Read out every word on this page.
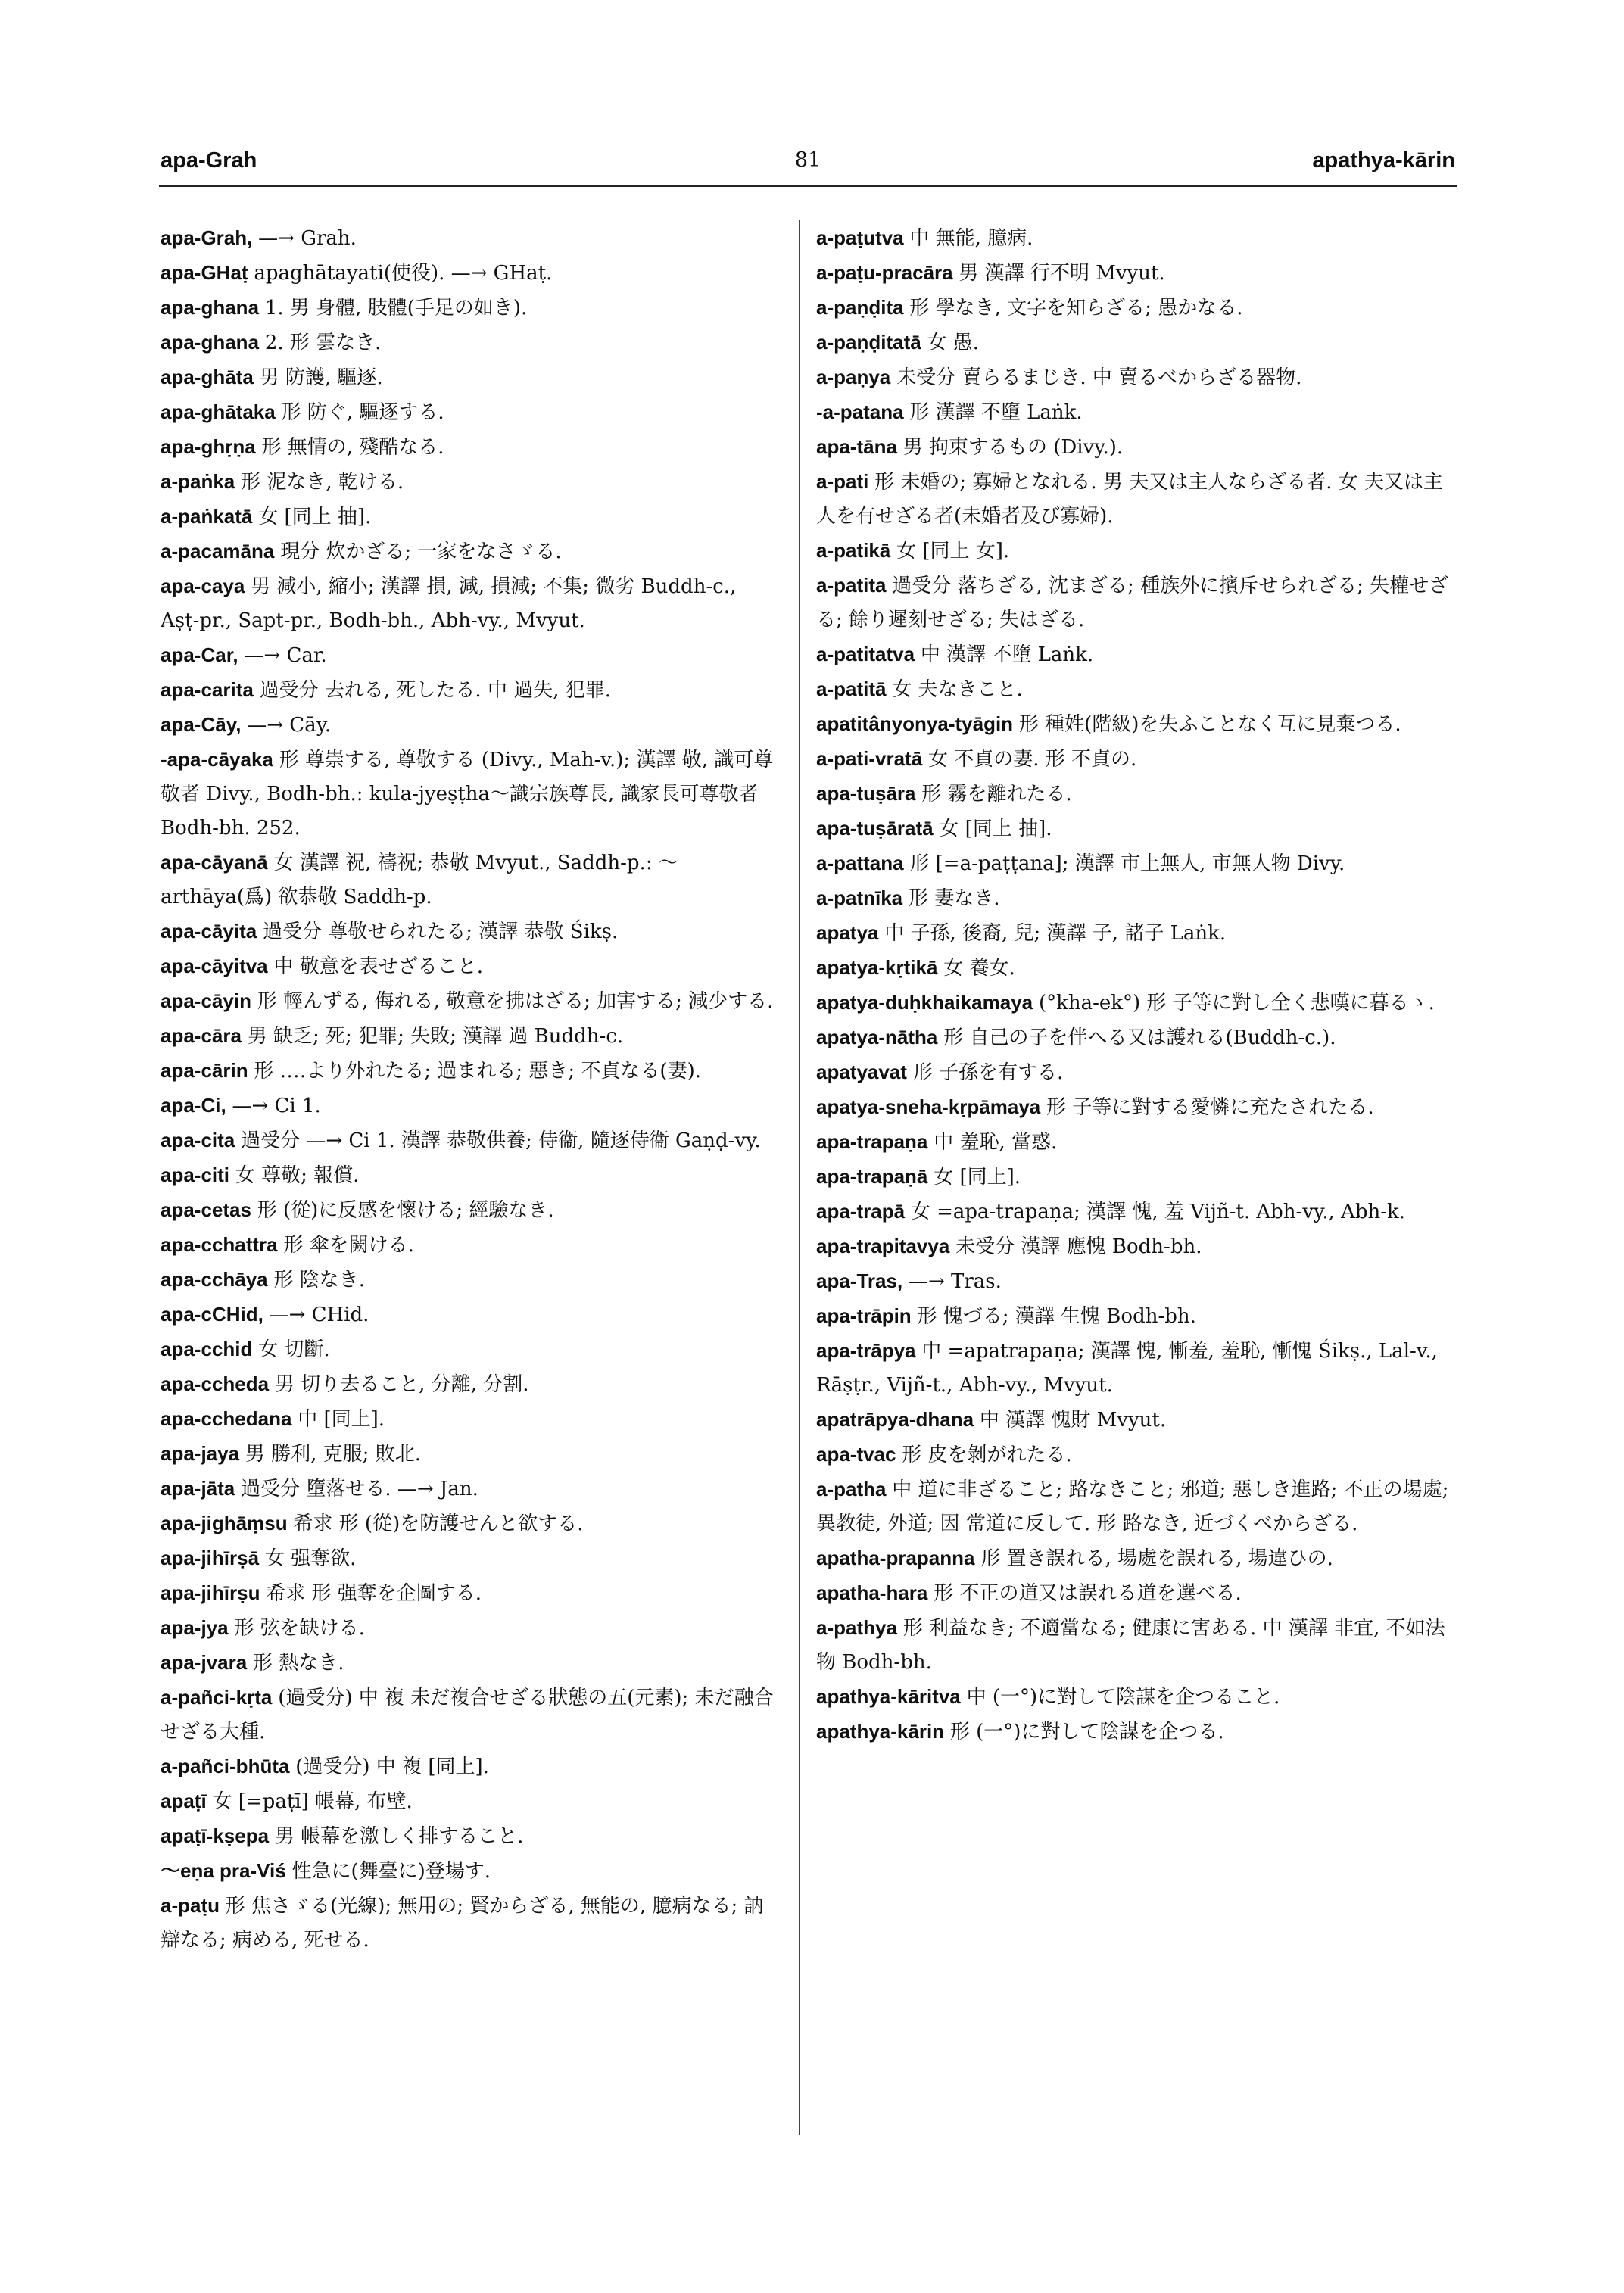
apa-Grah	81	apathya-kārin

apa-Grah, —→ Grah.

apa-GHaṭ apaghātayati(使役). —→ GHaṭ.

apa-ghana 1. 男 身體, 肢體(手足の如き).

apa-ghana 2. 形 雲なき.

apa-ghāta 男 防護, 驅逐.

apa-ghātaka 形 防ぐ, 驅逐する.

apa-ghṛṇa 形 無情の, 殘酷なる.

a-paṅka 形 泥なき, 乾ける.

a-paṅkatā 女 [同上 抽].

a-pacamāna 現分 炊かざる; 一家をなさゞる.

apa-caya 男 減小, 縮小; 漢譯 損, 減, 損減; 不集; 微劣 Buddh-c., Aṣṭ-pr., Sapt-pr., Bodh-bh., Abh-vy., Mvyut.

apa-Car, —→ Car.

apa-carita 過受分 去れる, 死したる. 中 過失, 犯罪.

apa-Cāy, —→ Cāy.

-apa-cāyaka 形 尊崇する, 尊敬する (Divy., Mah-v.); 漢譯 敬, 識可尊敬者 Divy., Bodh-bh.: kula-jyeṣṭha〜識宗族尊長, 識家長可尊敬者 Bodh-bh. 252.

apa-cāyanā 女 漢譯 祝, 禱祝; 恭敬 Mvyut., Saddh-p.: 〜arthāya(爲) 欲恭敬 Saddh-p.

apa-cāyita 過受分 尊敬せられたる; 漢譯 恭敬 Śikṣ.

apa-cāyitva 中 敬意を表せざること.

apa-cāyin 形 輕んずる, 侮れる, 敬意を拂はざる; 加害する; 減少する.

apa-cāra 男 缺乏; 死; 犯罪; 失敗; 漢譯 過 Buddh-c.

apa-cārin 形 ‥‥より外れたる; 過まれる; 惡き; 不貞なる(妻).

apa-Ci, —→ Ci 1.

apa-cita 過受分 —→ Ci 1. 漢譯 恭敬供養; 侍衞, 隨逐侍衞 Gaṇḍ-vy.

apa-citi 女 尊敬; 報償.

apa-cetas 形 (從)に反感を懷ける; 經驗なき.

apa-cchattra 形 傘を闕ける.

apa-cchāya 形 陰なき.

apa-cCHid, —→ CHid.

apa-cchid 女 切斷.

apa-ccheda 男 切り去ること, 分離, 分割.

apa-cchedana 中 [同上].

apa-jaya 男 勝利, 克服; 敗北.

apa-jāta 過受分 墮落せる. —→ Jan.

apa-jighāṃsu 希求 形 (從)を防護せんと欲する.

apa-jihīrṣā 女 强奪欲.

apa-jihīrṣu 希求 形 强奪を企圖する.

apa-jya 形 弦を缺ける.

apa-jvara 形 熱なき.

a-pañci-kṛta (過受分) 中 複 未だ複合せざる狀態の五(元素); 未だ融合せざる大種.

a-pañci-bhūta (過受分) 中 複 [同上].

apaṭī 女 [=paṭī] 帳幕, 布壁.

apaṭī-kṣepa 男 帳幕を激しく排すること.

〜eṇa pra-Viś 性急に(舞臺に)登場す.

a-paṭu 形 焦さゞる(光線); 無用の; 賢からざる, 無能の, 臆病なる; 訥辯なる; 病める, 死せる.

a-paṭutva 中 無能, 臆病.

a-paṭu-pracāra 男 漢譯 行不明 Mvyut.

a-paṇḍita 形 學なき, 文字を知らざる; 愚かなる.

a-paṇḍitatā 女 愚.

a-paṇya 未受分 賣らるまじき. 中 賣るべからざる器物.

-a-patana 形 漢譯 不墮 Laṅk.

apa-tāna 男 拘束するもの (Divy.).

a-pati 形 未婚の; 寡婦となれる. 男 夫又は主人ならざる者. 女 夫又は主人を有せざる者(未婚者及び寡婦).

a-patikā 女 [同上 女].

a-patita 過受分 落ちざる, 沈まざる; 種族外に擯斥せられざる; 失權せざる; 餘り遲刻せざる; 失はざる.

a-patitatva 中 漢譯 不墮 Laṅk.

a-patitā 女 夫なきこと.

apatitânyonya-tyāgin 形 種姓(階級)を失ふことなく互に見棄つる.

a-pati-vratā 女 不貞の妻. 形 不貞の.

apa-tuṣāra 形 霧を離れたる.

apa-tuṣāratā 女 [同上 抽].

a-pattana 形 [=a-paṭṭana]; 漢譯 市上無人, 市無人物 Divy.

a-patnīka 形 妻なき.

apatya 中 子孫, 後裔, 兒; 漢譯 子, 諸子 Laṅk.

apatya-kṛtikā 女 養女.

apatya-duḥkhaikamaya (°kha-ek°) 形 子等に對し全く悲嘆に暮るゝ.

apatya-nātha 形 自己の子を伴へる又は護れる(Buddh-c.).

apatyavat 形 子孫を有する.

apatya-sneha-kṛpāmaya 形 子等に對する愛憐に充たされたる.

apa-trapaṇa 中 羞恥, 當惑.

apa-trapaṇā 女 [同上].

apa-trapā 女 =apa-trapaṇa; 漢譯 愧, 羞 Vijñ-t. Abh-vy., Abh-k.

apa-trapitavya 未受分 漢譯 應愧 Bodh-bh.

apa-Tras, —→ Tras.

apa-trāpin 形 愧づる; 漢譯 生愧 Bodh-bh.

apa-trāpya 中 =apatrapaṇa; 漢譯 愧, 慚羞, 羞恥, 慚愧 Śikṣ., Lal-v., Rāṣṭr., Vijñ-t., Abh-vy., Mvyut.

apatrāpya-dhana 中 漢譯 愧財 Mvyut.

apa-tvac 形 皮を剝がれたる.

a-patha 中 道に非ざること; 路なきこと; 邪道; 惡しき進路; 不正の場處; 異教徒, 外道; 因 常道に反して. 形 路なき, 近づくべからざる.

apatha-prapanna 形 置き誤れる, 場處を誤れる, 場違ひの.

apatha-hara 形 不正の道又は誤れる道を選べる.

a-pathya 形 利益なき; 不適當なる; 健康に害ある. 中 漢譯 非宜, 不如法物 Bodh-bh.

apathya-kāritva 中 (一°)に對して陰謀を企つること.

apathya-kārin 形 (一°)に對して陰謀を企つる.
